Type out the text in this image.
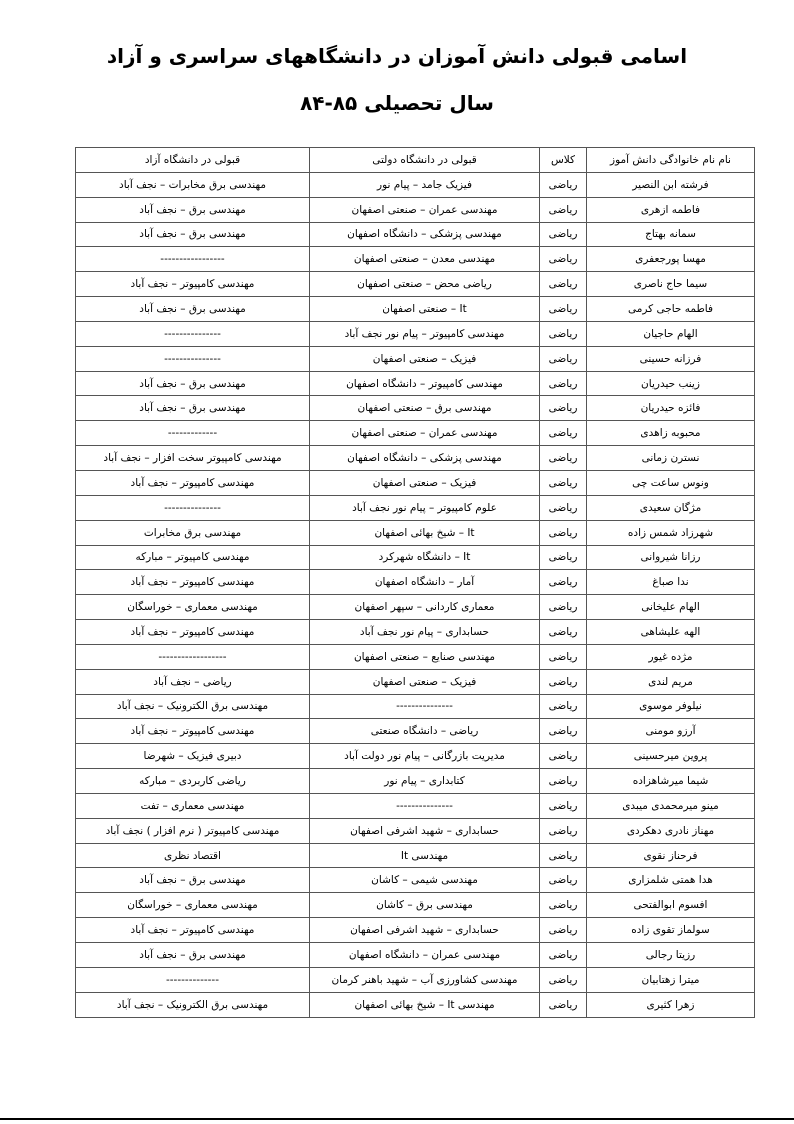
اسامی قبولی دانش آموزان در دانشگاههای سراسری و آزاد
سال تحصیلی ۸۵-۸۴
نام نام خانوادگی دانش آموز	کلاس	قبولی در دانشگاه دولتی	قبولی در دانشگاه آزاد
فرشته ابن النصیر	ریاضی	فیزیک جامد – پیام نور	مهندسی برق مخابرات – نجف آباد
فاطمه ازهری	ریاضی	مهندسی عمران – صنعتی اصفهان	مهندسی برق – نجف آباد
سمانه بهتاج	ریاضی	مهندسی پزشکی – دانشگاه اصفهان	مهندسی برق – نجف آباد
مهسا پورجعفری	ریاضی	مهندسی معدن – صنعتی اصفهان	-----------------
سیما حاج ناصری	ریاضی	ریاضی محض – صنعتی اصفهان	مهندسی کامپیوتر – نجف آباد
فاطمه حاجی کرمی	ریاضی	It – صنعتی اصفهان	مهندسی برق – نجف آباد
الهام حاجیان	ریاضی	مهندسی کامپیوتر – پیام نور نجف آباد	---------------
فرزانه حسینی	ریاضی	فیزیک – صنعتی اصفهان	---------------
زینب حیدریان	ریاضی	مهندسی کامپیوتر – دانشگاه اصفهان	مهندسی برق – نجف آباد
فائزه حیدریان	ریاضی	مهندسی برق – صنعتی اصفهان	مهندسی برق – نجف آباد
محبوبه زاهدی	ریاضی	مهندسی عمران – صنعتی اصفهان	-------------
نسترن زمانی	ریاضی	مهندسی پزشکی – دانشگاه اصفهان	مهندسی کامپیوتر سخت افزار – نجف آباد
ونوس ساعت چی	ریاضی	فیزیک – صنعتی اصفهان	مهندسی کامپیوتر – نجف آباد
مژگان سعیدی	ریاضی	علوم کامپیوتر – پیام نور نجف آباد	---------------
شهرزاد شمس زاده	ریاضی	It – شیخ بهائی اصفهان	مهندسی برق مخابرات
رزانا شیروانی	ریاضی	It – دانشگاه شهرکرد	مهندسی کامپیوتر – مبارکه
ندا صباغ	ریاضی	آمار – دانشگاه اصفهان	مهندسی کامپیوتر – نجف آباد
الهام علیخانی	ریاضی	معماری کاردانی – سپهر اصفهان	مهندسی معماری – خوراسگان
الهه علیشاهی	ریاضی	حسابداری – پیام نور نجف آباد	مهندسی کامپیوتر – نجف آباد
مژده غیور	ریاضی	مهندسی صنایع – صنعتی اصفهان	------------------
مریم لندی	ریاضی	فیزیک – صنعتی اصفهان	ریاضی – نجف آباد
نیلوفر موسوی	ریاضی	---------------	مهندسی برق الکترونیک – نجف آباد
آرزو مومنی	ریاضی	ریاضی – دانشگاه صنعتی	مهندسی کامپیوتر – نجف آباد
پروین میرحسینی	ریاضی	مدیریت بازرگانی – پیام نور دولت آباد	دبیری فیزیک – شهرضا
شیما میرشاهزاده	ریاضی	کتابداری – پیام نور	ریاضی کاربردی – مبارکه
مینو میرمحمدی میبدی	ریاضی	---------------	مهندسی معماری – تفت
مهناز نادری دهکردی	ریاضی	حسابداری – شهید اشرفی اصفهان	مهندسی کامپیوتر ( نرم افزار ) نجف آباد
فرحناز نقوی	ریاضی	مهندسی It	اقتصاد نظری
هدا همتی شلمزاری	ریاضی	مهندسی شیمی – کاشان	مهندسی برق – نجف آباد
افسوم ابوالفتحی	ریاضی	مهندسی برق – کاشان	مهندسی معماری – خوراسگان
سولماز تقوی زاده	ریاضی	حسابداری – شهید اشرفی اصفهان	مهندسی کامپیوتر – نجف آباد
رزیتا رجالی	ریاضی	مهندسی عمران – دانشگاه اصفهان	مهندسی برق – نجف آباد
میترا زهتابیان	ریاضی	مهندسی کشاورزی آب – شهید باهنر کرمان	--------------
زهرا کثیری	ریاضی	مهندسی It – شیخ بهائی اصفهان	مهندسی برق الکترونیک – نجف آباد
